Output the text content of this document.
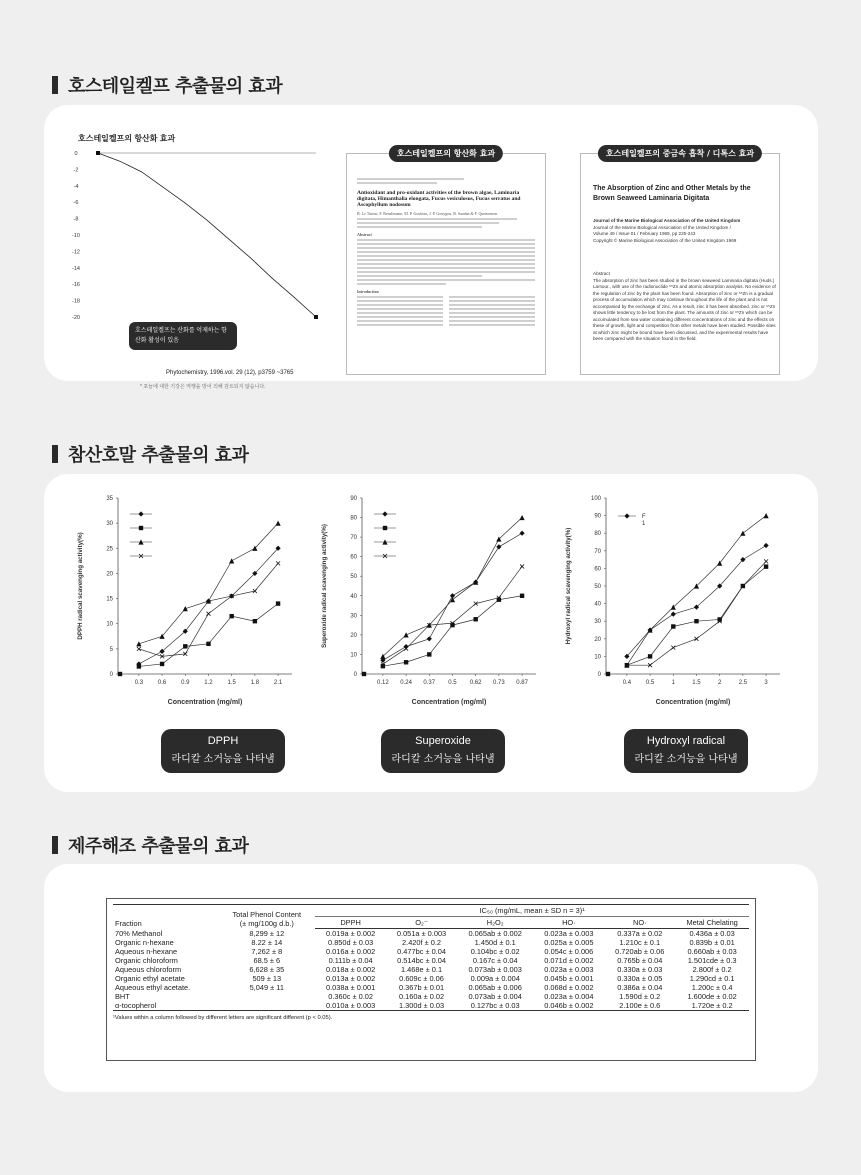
호스테일켈프 추출물의 효과
호스테일켈프의 항산화 효과
0
-2
-4
-6
-8
-10
-12
-14
-16
-18
-20
호스테일켈프는 산화를 억제하는 항산화 활성이 있음
Phytochemistry, 1996.vol. 29 (12), p3759 ~3765
* 포늘에 대한 기강은 역행을 방어 의해 감트되지 않습니다.
호스테일켈프의 항산화 효과
Antioxidant and pro-oxidant activities of the brown algae, Laminaria digitata, Himanthalia elongata, Fucus vesiculosus, Fucus serratus and Ascophyllum nodosum
B. Le Tutour, F. Benslimane, M. P. Gouleau, J. P. Gouygou, B. Saadan & F. Quemeneur
Abstract
Introduction
호스테일켈프의 중금속 흡착 / 디톡스 효과
The Absorption of Zinc and Other Metals by the Brown Seaweed Laminaria Digitata
Journal of the Marine Biological Association of the United Kingdom
Journal of the Marine Biological Association of the United Kingdom /
Volume 49 / Issue 01 / February 1969, pp 225-243
Copyright © Marine Biological Association of the United Kingdom 1969
Abstract
The absorption of zinc has been studied in the brown seaweed Laminaria digitata (Huds.) Lamour., with use of the radionuclide ⁶⁵Zn and atomic absorption analysis. No evidence of the regulation of zinc by the plant has been found. Absorption of zinc or ⁶⁵Zn is a gradual process of accumulation which may continue throughout the life of the plant and is not accompanied by the exchange of zinc. As a result, zinc it has been absorbed, zinc or ⁶⁵Zn shows little tendency to be lost from the plant. The amounts of zinc or ⁶⁵Zn which can be accumulated from sea water containing different concentrations of zinc and the effects on these of growth, light and competition from other metals have been studied. Possible sites at which zinc might be bound have been discussed, and the experimental results have been compared with the situation found in the field.
참산호말 추출물의 효과
0
5
10
15
20
25
30
35
0.3 0.6 0.9 1.2 1.5 1.8 2.1
Concentration (mg/ml)
DPPH radical scavenging activity(%)
0
10
20
30
40
50
60
70
80
90
0.12 0.24 0.37 0.5 0.62 0.73 0.87
Concentration (mg/ml)
Superoxide radical scavenging activity(%)
0
10
20
30
40
50
60
70
80
90
100
0.4 0.5	1	1.5	2	2.5	3
Concentration (mg/ml)
Hydroxyl radical scavenging activity(%)
F
1
DPPH
라디칼 소거능을 나타냄
Superoxide
라디칼 소거능을 나타냄
Hydroxyl radical
라디칼 소거능을 나타냄
제주해조 추출물의 효과
Fraction	Total Phenol Content
(± mg/100g d.b.)	IC₅₀ (mg/mL, mean ± SD n = 3)¹					
		DPPH	O₂⁻	H₂O₂	HO·	NO·	Metal Chelating
70% Methanol	8,299 ± 12	0.019a ± 0.002	0.051a ± 0.003	0.065ab ± 0.002	0.023a ± 0.003	0.337a ± 0.02	0.436a ± 0.03
Organic n-hexane	8.22 ± 14	0.850d ± 0.03	2.420f ± 0.2	1.450d ± 0.1	0.025a ± 0.005	1.210c ± 0.1	0.839b ± 0.01
Aqueous n-hexane	7,262 ± 8	0.016a ± 0.002	0.477bc ± 0.04	0.104bc ± 0.02	0.054c ± 0.006	0.720ab ± 0.06	0.660ab ± 0.03
Organic chloroform	68.5 ± 6	0.111b ± 0.04	0.514bc ± 0.04	0.167c ± 0.04	0.071d ± 0.002	0.765b ± 0.04	1.501cde ± 0.3
Aqueous chloroform	6,628 ± 35	0.018a ± 0.002	1.468e ± 0.1	0.073ab ± 0.003	0.023a ± 0.003	0.330a ± 0.03	2.800f ± 0.2
Organic ethyl acetate	509 ± 13	0.013a ± 0.002	0.609c ± 0.06	0.009a ± 0.004	0.045b ± 0.001	0.330a ± 0.05	1.290cd ± 0.1
Aqueous ethyl acetate.	5,049 ± 11	0.038a ± 0.001	0.367b ± 0.01	0.065ab ± 0.006	0.068d ± 0.002	0.386a ± 0.04	1.200c ± 0.4
BHT		0.360c ± 0.02	0.160a ± 0.02	0.073ab ± 0.004	0.023a ± 0.004	1.590d ± 0.2	1.600de ± 0.02
α-tocopherol		0.010a ± 0.003	1.300d ± 0.03	0.127bc ± 0.03	0.046b ± 0.002	2.100e ± 0.6	1.720e ± 0.2
¹Values within a column followed by different letters are significant different (p < 0.05).
